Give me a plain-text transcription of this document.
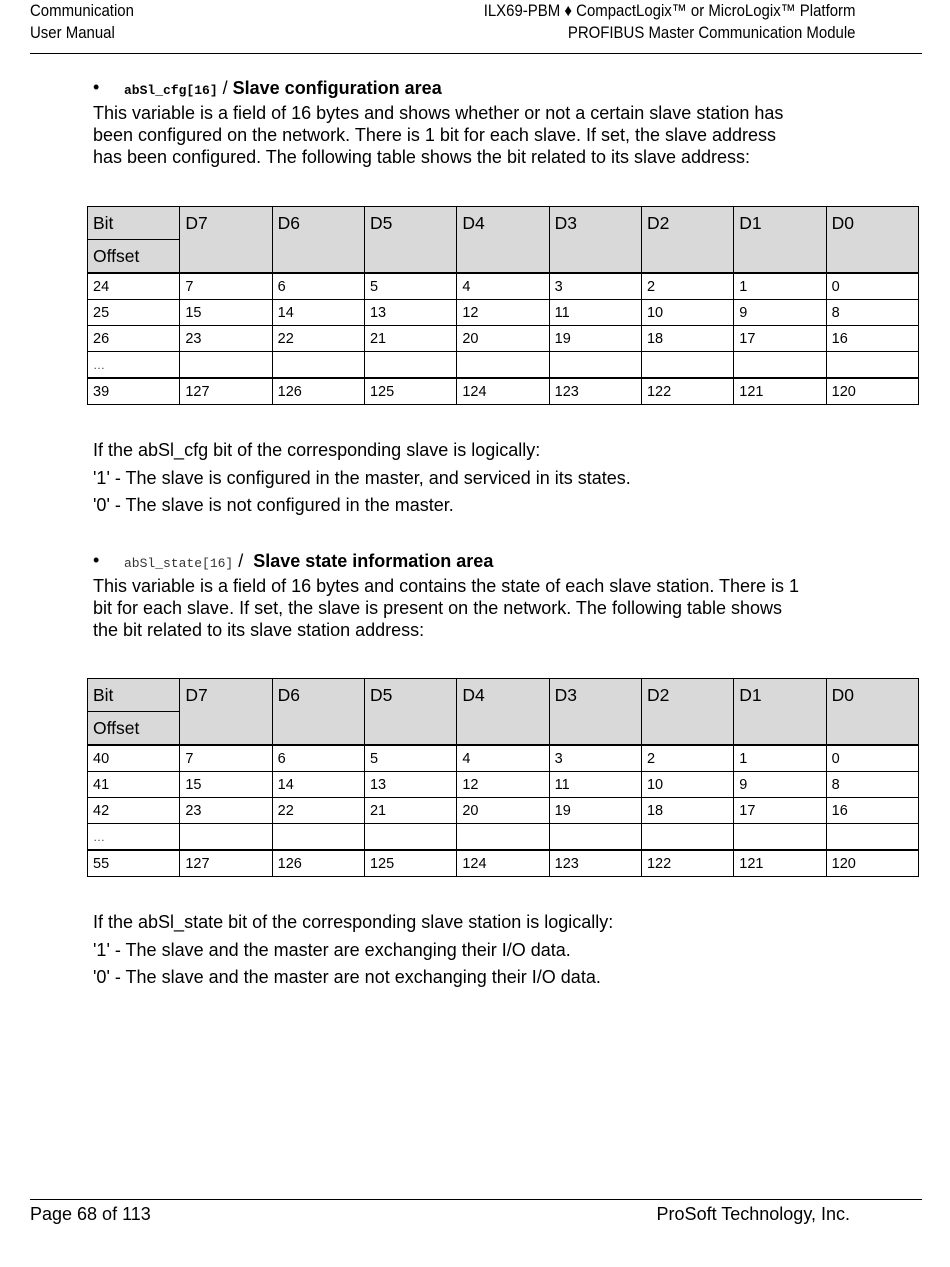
Communication
User Manual
ILX69-PBM ♦ CompactLogix™ or MicroLogix™ Platform
PROFIBUS Master Communication Module
• abSl_cfg[16] / Slave configuration area

This variable is a field of 16 bytes and shows whether or not a certain slave station has
been configured on the network. There is 1 bit for each slave. If set, the slave address
has been configured. The following table shows the bit related to its slave address:

Bit	D7	D6	D5	D4	D3	D2	D1	D0
Offset								
24	7	6	5	4	3	2	1	0
25	15	14	13	12	11	10	9	8
26	23	22	21	20	19	18	17	16
…								
39	127	126	125	124	123	122	121	120
If the abSl_cfg bit of the corresponding slave is logically:
'1' - The slave is configured in the master, and serviced in its states.
'0' - The slave is not configured in the master.
• abSl_state[16] /  Slave state information area

This variable is a field of 16 bytes and contains the state of each slave station. There is 1
bit for each slave. If set, the slave is present on the network. The following table shows
the bit related to its slave station address:

Bit	D7	D6	D5	D4	D3	D2	D1	D0
Offset								
40	7	6	5	4	3	2	1	0
41	15	14	13	12	11	10	9	8
42	23	22	21	20	19	18	17	16
…								
55	127	126	125	124	123	122	121	120
If the abSl_state bit of the corresponding slave station is logically:
'1' - The slave and the master are exchanging their I/O data.
'0' - The slave and the master are not exchanging their I/O data.
Page 68 of 113	ProSoft Technology, Inc.
